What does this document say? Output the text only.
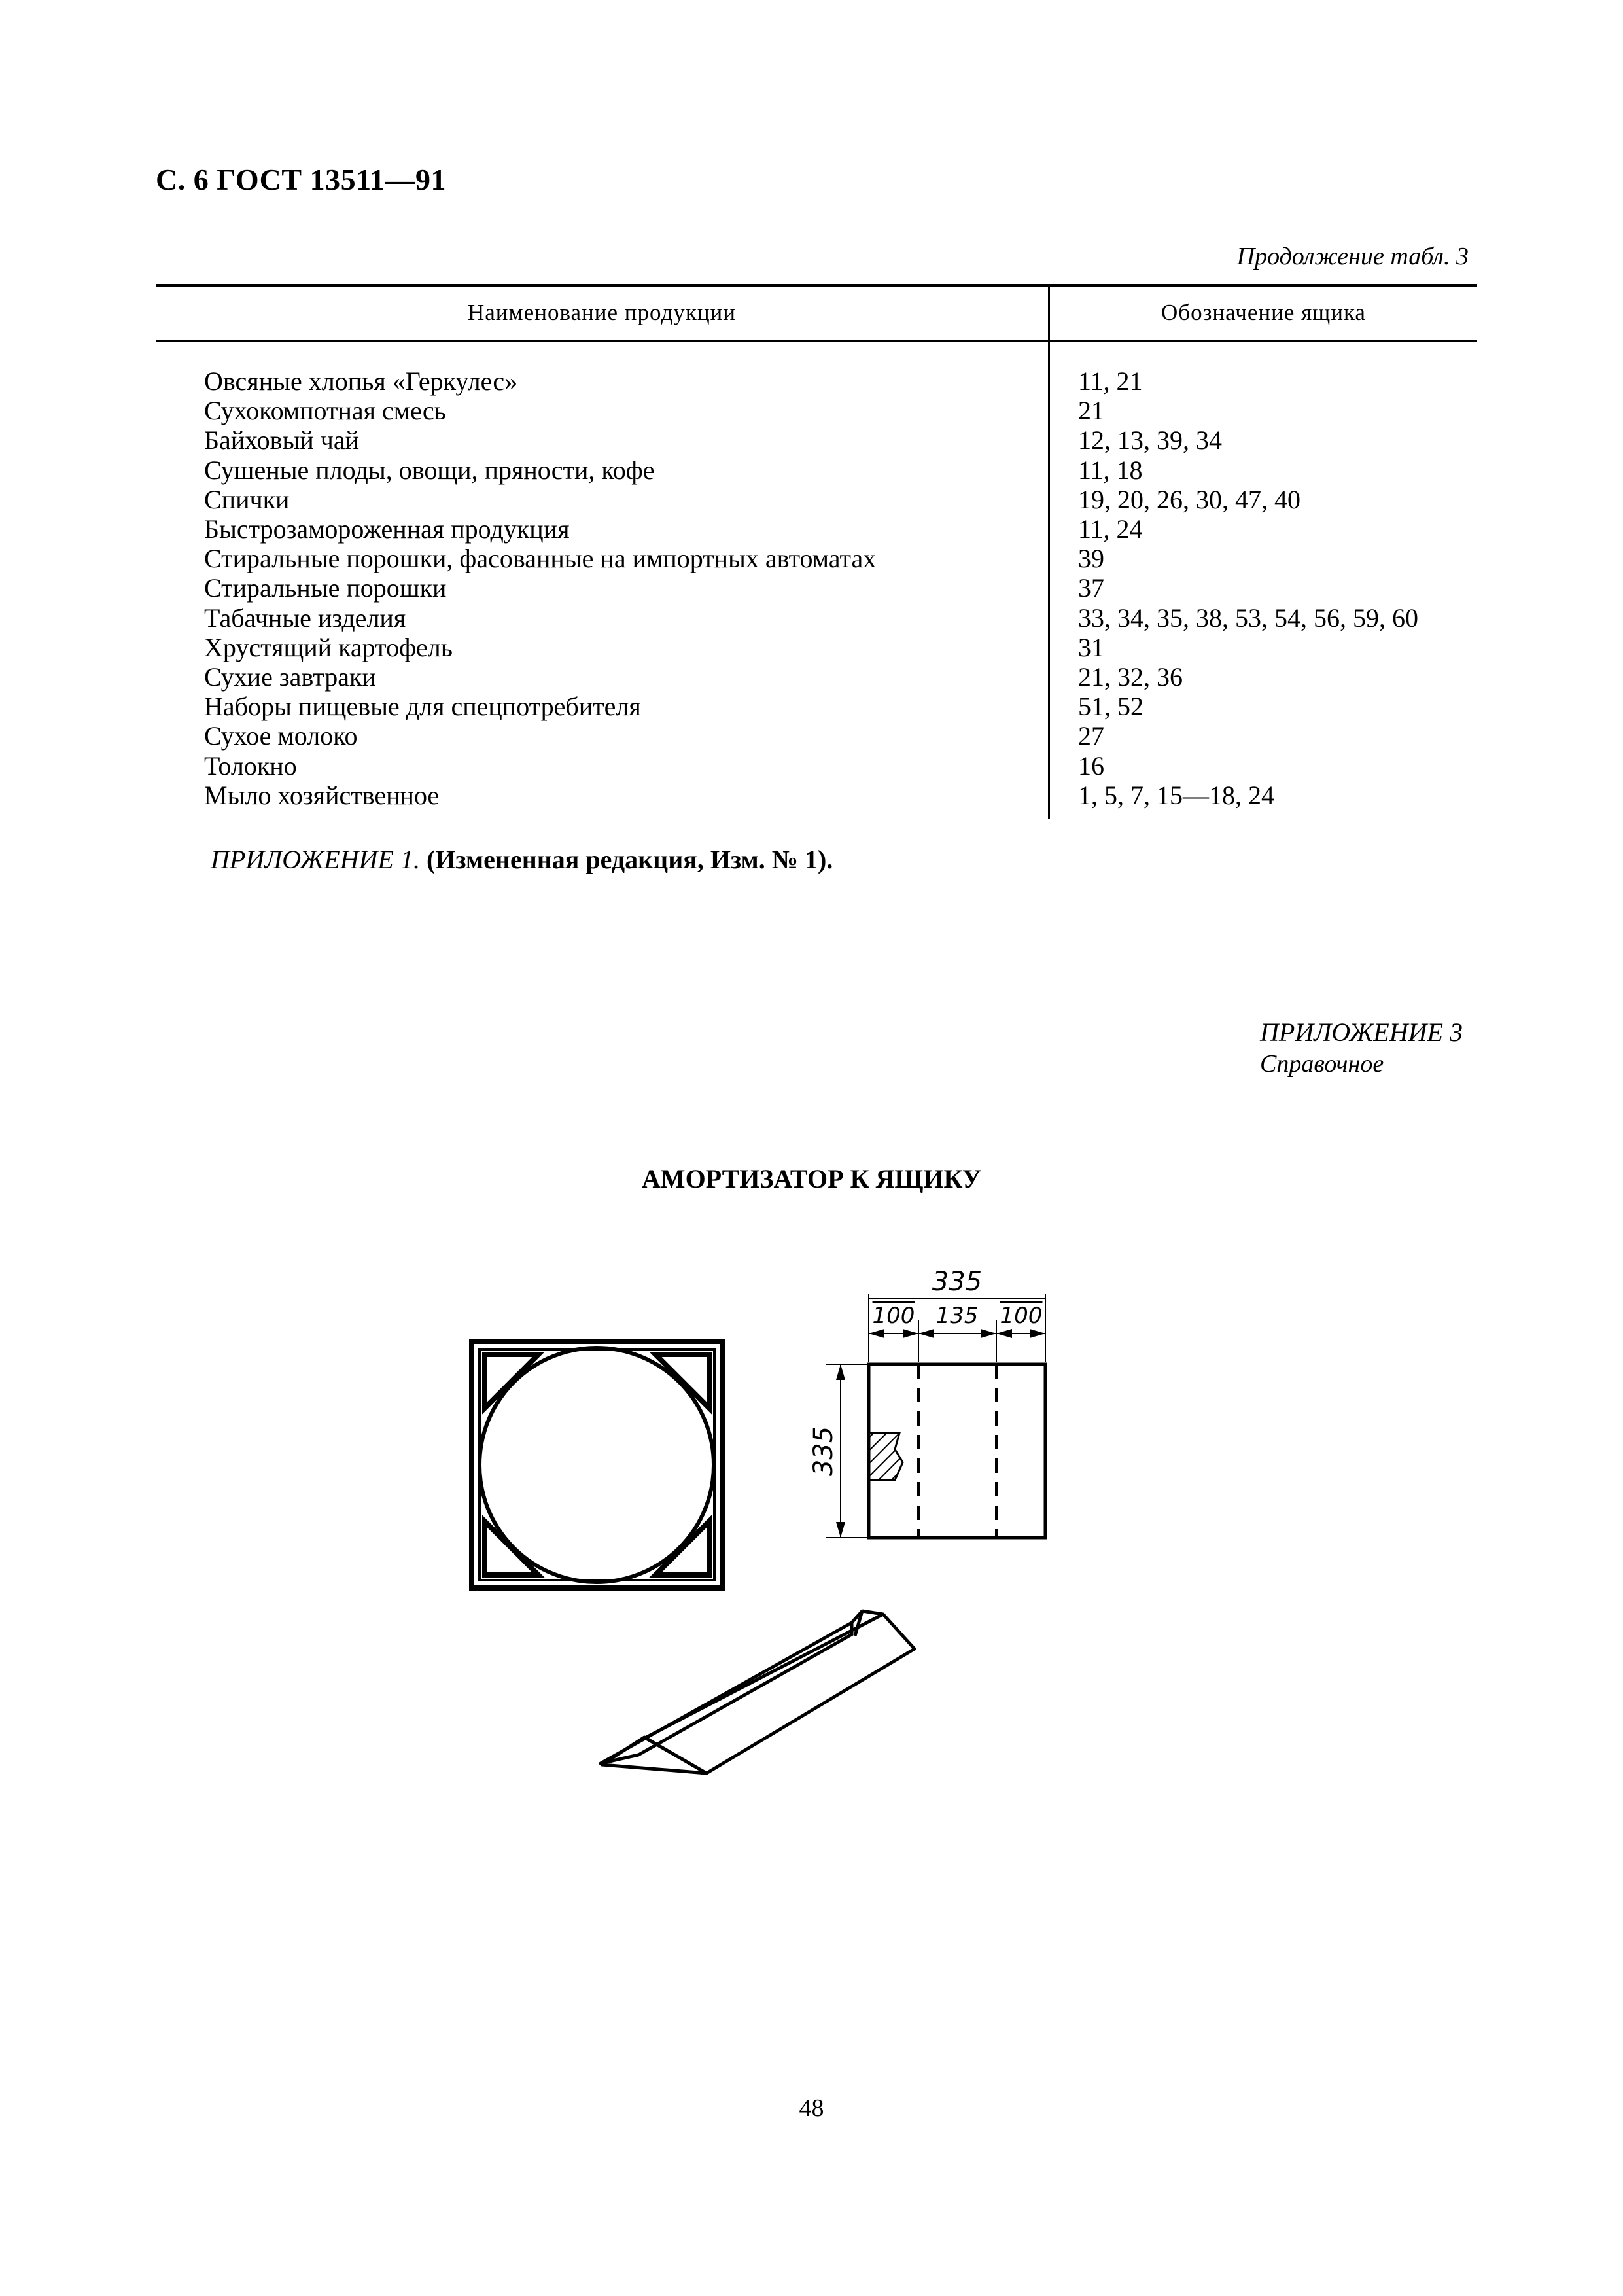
С. 6 ГОСТ 13511—91
Продолжение табл. 3
Наименование продукции	Обозначение ящика
Овсяные хлопья «Геркулес»
Сухокомпотная смесь
Байховый чай
Сушеные плоды, овощи, пряности, кофе
Спички
Быстрозамороженная продукция
Стиральные порошки, фасованные на импортных автоматах
Стиральные порошки
Табачные изделия
Хрустящий картофель
Сухие завтраки
Наборы пищевые для спецпотребителя
Сухое молоко
Толокно
Мыло хозяйственное
11, 21
21
12, 13, 39, 34
11, 18
19, 20, 26, 30, 47, 40
11, 24
39
37
33, 34, 35, 38, 53, 54, 56, 59, 60
31
21, 32, 36
51, 52
27
16
1, 5, 7, 15—18, 24
ПРИЛОЖЕНИЕ 1. (Измененная редакция, Изм. № 1).
ПРИЛОЖЕНИЕ 3
Справочное
АМОРТИЗАТОР К ЯЩИКУ
335
100 135 100
335
48
